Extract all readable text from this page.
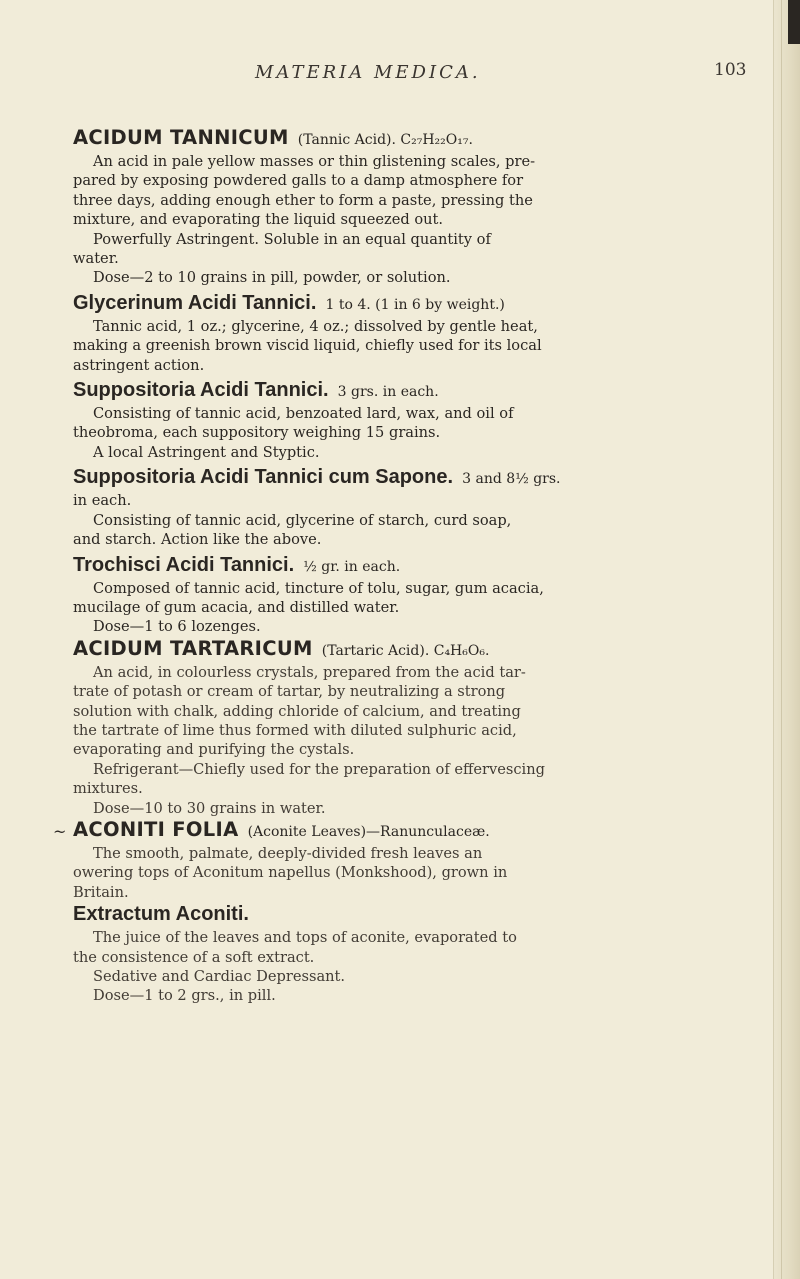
MATERIA MEDICA.	103

ACIDUM TANNICUM (Tannic Acid). C₂₇H₂₂O₁₇.

An acid in pale yellow masses or thin glistening scales, pre-

pared by exposing powdered galls to a damp atmosphere for

three days, adding enough ether to form a paste, pressing the

mixture, and evaporating the liquid squeezed out.

Powerfully Astringent. Soluble in an equal quantity of

water.

Dose—2 to 10 grains in pill, powder, or solution.

Glycerinum Acidi Tannici. 1 to 4. (1 in 6 by weight.)

Tannic acid, 1 oz.; glycerine, 4 oz.; dissolved by gentle heat,

making a greenish brown viscid liquid, chiefly used for its local

astringent action.

Suppositoria Acidi Tannici. 3 grs. in each.

Consisting of tannic acid, benzoated lard, wax, and oil of

theobroma, each suppository weighing 15 grains.

A local Astringent and Styptic.

Suppositoria Acidi Tannici cum Sapone. 3 and 8½ grs.

in each.

Consisting of tannic acid, glycerine of starch, curd soap,

and starch. Action like the above.

Trochisci Acidi Tannici. ½ gr. in each.

Composed of tannic acid, tincture of tolu, sugar, gum acacia,

mucilage of gum acacia, and distilled water.

Dose—1 to 6 lozenges.

ACIDUM TARTARICUM (Tartaric Acid). C₄H₆O₆.

An acid, in colourless crystals, prepared from the acid tar-

trate of potash or cream of tartar, by neutralizing a strong

solution with chalk, adding chloride of calcium, and treating

the tartrate of lime thus formed with diluted sulphuric acid,

evaporating and purifying the cystals.

Refrigerant—Chiefly used for the preparation of effervescing

mixtures.

Dose—10 to 30 grains in water.

~ ACONITI FOLIA (Aconite Leaves)—Ranunculaceæ.

The smooth, palmate, deeply-divided fresh leaves an

owering tops of Aconitum napellus (Monkshood), grown in

Britain.

Extractum Aconiti.

The juice of the leaves and tops of aconite, evaporated to

the consistence of a soft extract.

Sedative and Cardiac Depressant.

Dose—1 to 2 grs., in pill.
